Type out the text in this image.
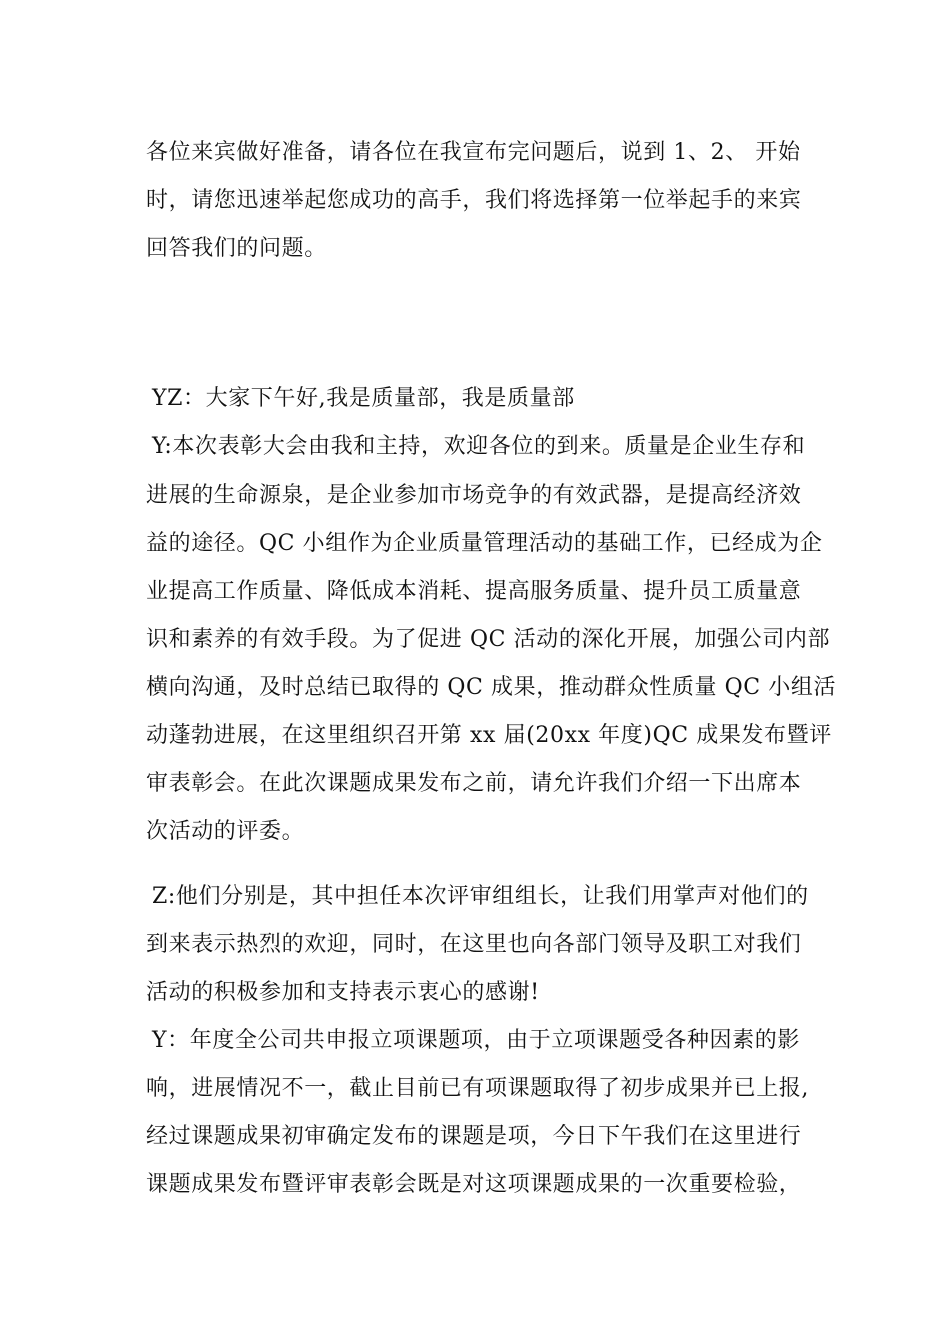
各位来宾做好准备，请各位在我宣布完问题后，说到 1、2、 开始
时，请您迅速举起您成功的高手，我们将选择第一位举起手的来宾
回答我们的问题。
YZ：大家下午好,我是质量部，我是质量部
Y:本次表彰大会由我和主持，欢迎各位的到来。质量是企业生存和
进展的生命源泉，是企业参加市场竞争的有效武器，是提高经济效
益的途径。QC 小组作为企业质量管理活动的基础工作，已经成为企
业提高工作质量、降低成本消耗、提高服务质量、提升员工质量意
识和素养的有效手段。为了促进 QC 活动的深化开展，加强公司内部
横向沟通，及时总结已取得的 QC 成果，推动群众性质量 QC 小组活
动蓬勃进展，在这里组织召开第 xx 届(20xx 年度)QC 成果发布暨评
审表彰会。在此次课题成果发布之前，请允许我们介绍一下出席本
次活动的评委。
Z:他们分别是，其中担任本次评审组组长，让我们用掌声对他们的
到来表示热烈的欢迎，同时，在这里也向各部门领导及职工对我们
活动的积极参加和支持表示衷心的感谢!
Y：年度全公司共申报立项课题项，由于立项课题受各种因素的影
响，进展情况不一，截止目前已有项课题取得了初步成果并已上报,
经过课题成果初审确定发布的课题是项，今日下午我们在这里进行
课题成果发布暨评审表彰会既是对这项课题成果的一次重要检验，
